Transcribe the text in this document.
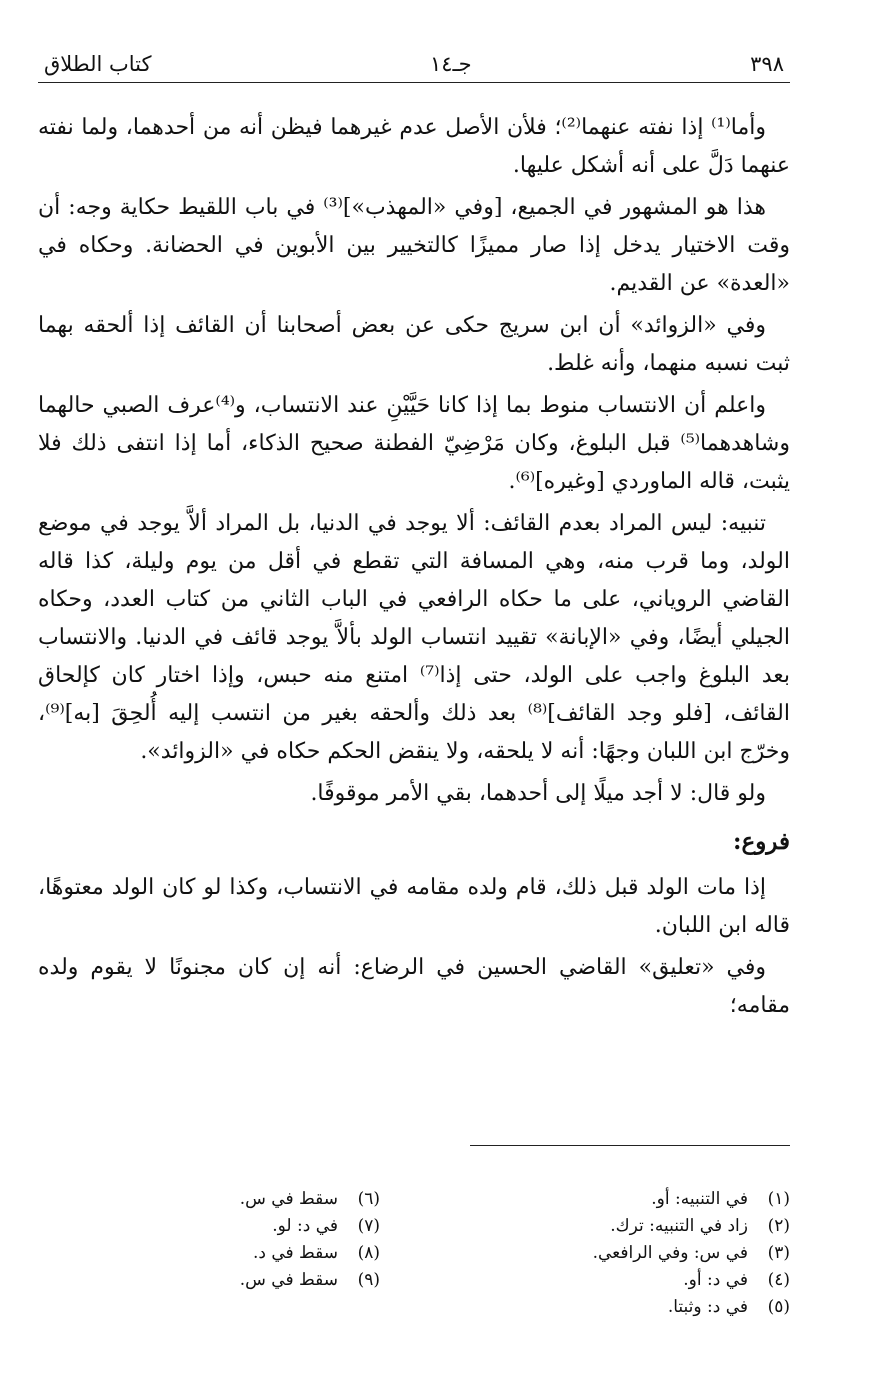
٣٩٨
جـ١٤
كتاب الطلاق

وأما⁽¹⁾ إذا نفته عنهما⁽²⁾؛ فلأن الأصل عدم غيرهما فيظن أنه من أحدهما، ولما نفته عنهما دَلَّ على أنه أشكل عليها.

هذا هو المشهور في الجميع، [وفي «المهذب»]⁽³⁾ في باب اللقيط حكاية وجه: أن وقت الاختيار يدخل إذا صار مميزًا كالتخيير بين الأبوين في الحضانة. وحكاه في «العدة» عن القديم.

وفي «الزوائد» أن ابن سريج حكى عن بعض أصحابنا أن القائف إذا ألحقه بهما ثبت نسبه منهما، وأنه غلط.

واعلم أن الانتساب منوط بما إذا كانا حَيَّيْنِ عند الانتساب، و⁽⁴⁾عرف الصبي حالهما وشاهدهما⁽⁵⁾ قبل البلوغ، وكان مَرْضِيّ الفطنة صحيح الذكاء، أما إذا انتفى ذلك فلا يثبت، قاله الماوردي [وغيره]⁽⁶⁾.

تنبيه: ليس المراد بعدم القائف: ألا يوجد في الدنيا، بل المراد ألاَّ يوجد في موضع الولد، وما قرب منه، وهي المسافة التي تقطع في أقل من يوم وليلة، كذا قاله القاضي الروياني، على ما حكاه الرافعي في الباب الثاني من كتاب العدد، وحكاه الجيلي أيضًا، وفي «الإبانة» تقييد انتساب الولد بألاَّ يوجد قائف في الدنيا. والانتساب بعد البلوغ واجب على الولد، حتى إذا⁽⁷⁾ امتنع منه حبس، وإذا اختار كان كإلحاق القائف، [فلو وجد القائف]⁽⁸⁾ بعد ذلك وألحقه بغير من انتسب إليه أُلحِقَ [به]⁽⁹⁾، وخرّج ابن اللبان وجهًا: أنه لا يلحقه، ولا ينقض الحكم حكاه في «الزوائد».

ولو قال: لا أجد ميلًا إلى أحدهما، بقي الأمر موقوفًا.

فروع:

إذا مات الولد قبل ذلك، قام ولده مقامه في الانتساب، وكذا لو كان الولد معتوهًا، قاله ابن اللبان.

وفي «تعليق» القاضي الحسين في الرضاع: أنه إن كان مجنونًا لا يقوم ولده مقامه؛

(١)
في التنبيه: أو.
(٢)
زاد في التنبيه: ترك.
(٣)
في س: وفي الرافعي.
(٤)
في د: أو.
(٥)
في د: وثبتا.
(٦)
سقط في س.
(٧)
في د: لو.
(٨)
سقط في د.
(٩)
سقط في س.
